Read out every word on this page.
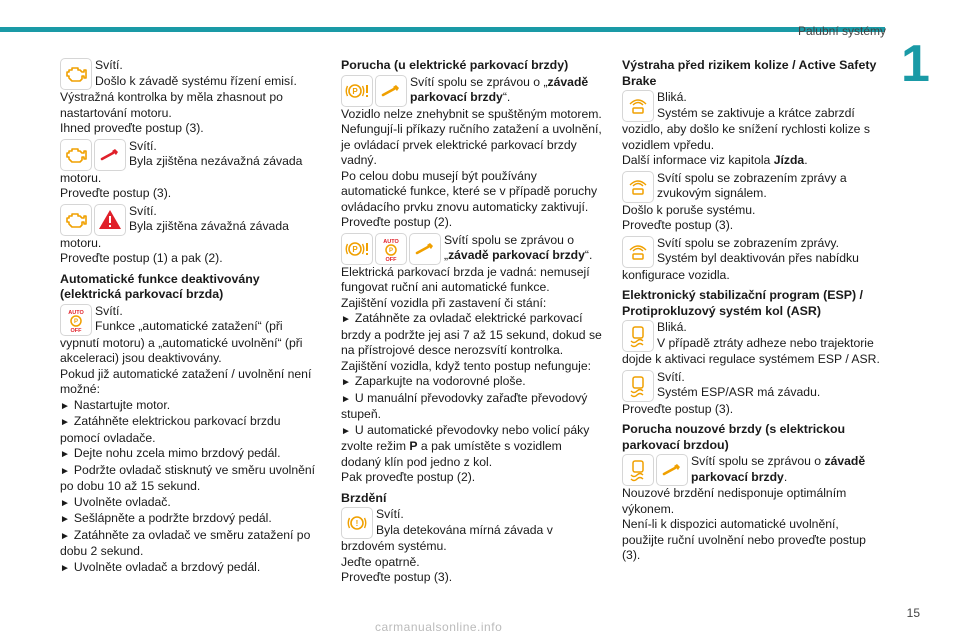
Palubní systémy
1

Svítí.

Došlo k závadě systému řízení emisí.

Výstražná kontrolka by měla zhasnout po nastartování motoru.

Ihned proveďte postup (3).

Svítí.

Byla zjištěna nezávažná závada

motoru.

Proveďte postup (3).

Svítí.

Byla zjištěna závažná závada

motoru.

Proveďte postup (1) a pak (2).

Automatické funkce deaktivovány (elektrická parkovací brzda)
AUTO
P
OFF

Svítí.

Funkce „automatické zatažení“ (při

vypnutí motoru) a „automatické uvolnění“ (při akceleraci) jsou deaktivovány.

Pokud již automatické zatažení / uvolnění není možné:

► Nastartujte motor.

► Zatáhněte elektrickou parkovací brzdu pomocí ovladače.

► Dejte nohu zcela mimo brzdový pedál.

► Podržte ovladač stisknutý ve směru uvolnění po dobu 10 až 15 sekund.

► Uvolněte ovladač.

► Sešlápněte a podržte brzdový pedál.

► Zatáhněte za ovladač ve směru zatažení po dobu 2 sekund.

► Uvolněte ovladač a brzdový pedál.

Porucha (u elektrické parkovací brzdy)
P

Svítí spolu se zprávou o „závadě parkovací brzdy“.

Vozidlo nelze znehybnit se spuštěným motorem. Nefungují-li příkazy ručního zatažení a uvolnění, je ovládací prvek elektrické parkovací brzdy vadný.

Po celou dobu musejí být používány automatické funkce, které se v případě poruchy ovládacího prvku znovu automaticky zaktivují.

Proveďte postup (2).

P
AUTO
P
OFF

Svítí spolu se zprávou o

„závadě parkovací brzdy“.

Elektrická parkovací brzda je vadná: nemusejí fungovat ruční ani automatické funkce.

Zajištění vozidla při zastavení či stání:

► Zatáhněte za ovladač elektrické parkovací brzdy a podržte jej asi 7 až 15 sekund, dokud se na přístrojové desce nerozsvítí kontrolka.

Zajištění vozidla, když tento postup nefunguje:

► Zaparkujte na vodorovné ploše.

► U manuální převodovky zařaďte převodový stupeň.

► U automatické převodovky nebo volicí páky zvolte režim P a pak umístěte s vozidlem dodaný klín pod jedno z kol.

Pak proveďte postup (2).

Brzdění
!

Svítí.

Byla detekována mírná závada v

brzdovém systému.

Jeďte opatrně.

Proveďte postup (3).

Výstraha před rizikem kolize / Active Safety Brake

Bliká.

Systém se zaktivuje a krátce zabrzdí

vozidlo, aby došlo ke snížení rychlosti kolize s vozidlem vpředu.

Další informace viz kapitola Jízda.

Svítí spolu se zobrazením zprávy a

zvukovým signálem.

Došlo k poruše systému.

Proveďte postup (3).

Svítí spolu se zobrazením zprávy.

Systém byl deaktivován přes nabídku

konfigurace vozidla.

Elektronický stabilizační program (ESP) / Protiprokluzový systém kol (ASR)

Bliká.

V případě ztráty adheze nebo trajektorie

dojde k aktivaci regulace systémem ESP / ASR.

Svítí.

Systém ESP/ASR má závadu.

Proveďte postup (3).

Porucha nouzové brzdy (s elektrickou parkovací brzdou)

Svítí spolu se zprávou o závadě parkovací brzdy.

Nouzové brzdění nedisponuje optimálním výkonem.

Není-li k dispozici automatické uvolnění, použijte ruční uvolnění nebo proveďte postup (3).

15
carmanualsonline.info
